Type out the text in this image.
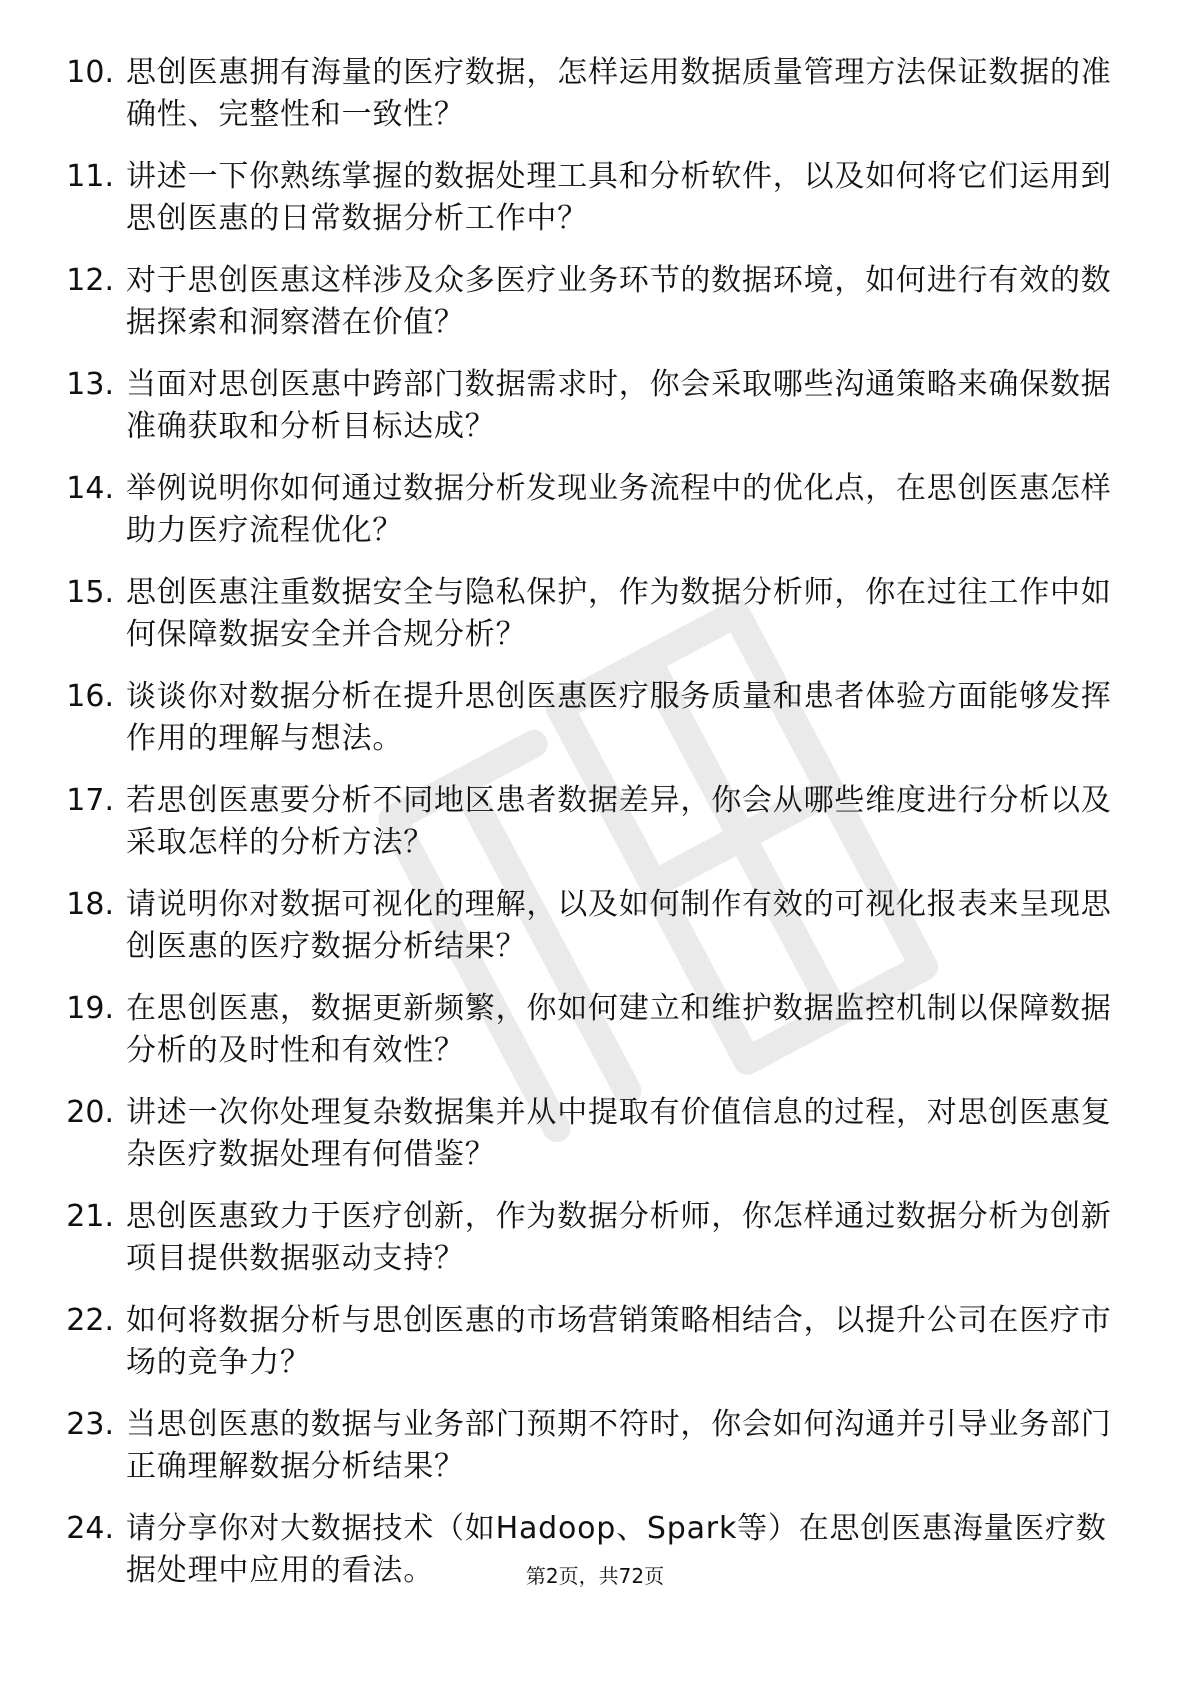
10. 思创医惠拥有海量的医疗数据，怎样运用数据质量管理方法保证数据的准确性、完整性和一致性？
11. 讲述一下你熟练掌握的数据处理工具和分析软件，以及如何将它们运用到思创医惠的日常数据分析工作中？
12. 对于思创医惠这样涉及众多医疗业务环节的数据环境，如何进行有效的数据探索和洞察潜在价值？
13. 当面对思创医惠中跨部门数据需求时，你会采取哪些沟通策略来确保数据准确获取和分析目标达成？
14. 举例说明你如何通过数据分析发现业务流程中的优化点，在思创医惠怎样助力医疗流程优化？
15. 思创医惠注重数据安全与隐私保护，作为数据分析师，你在过往工作中如何保障数据安全并合规分析？
16. 谈谈你对数据分析在提升思创医惠医疗服务质量和患者体验方面能够发挥作用的理解与想法。
17. 若思创医惠要分析不同地区患者数据差异，你会从哪些维度进行分析以及采取怎样的分析方法？
18. 请说明你对数据可视化的理解，以及如何制作有效的可视化报表来呈现思创医惠的医疗数据分析结果？
19. 在思创医惠，数据更新频繁，你如何建立和维护数据监控机制以保障数据分析的及时性和有效性？
20. 讲述一次你处理复杂数据集并从中提取有价值信息的过程，对思创医惠复杂医疗数据处理有何借鉴？
21. 思创医惠致力于医疗创新，作为数据分析师，你怎样通过数据分析为创新项目提供数据驱动支持？
22. 如何将数据分析与思创医惠的市场营销策略相结合，以提升公司在医疗市场的竞争力？
23. 当思创医惠的数据与业务部门预期不符时，你会如何沟通并引导业务部门正确理解数据分析结果？
24. 请分享你对大数据技术（如Hadoop、Spark等）在思创医惠海量医疗数据处理中应用的看法。	第2页，共72页
